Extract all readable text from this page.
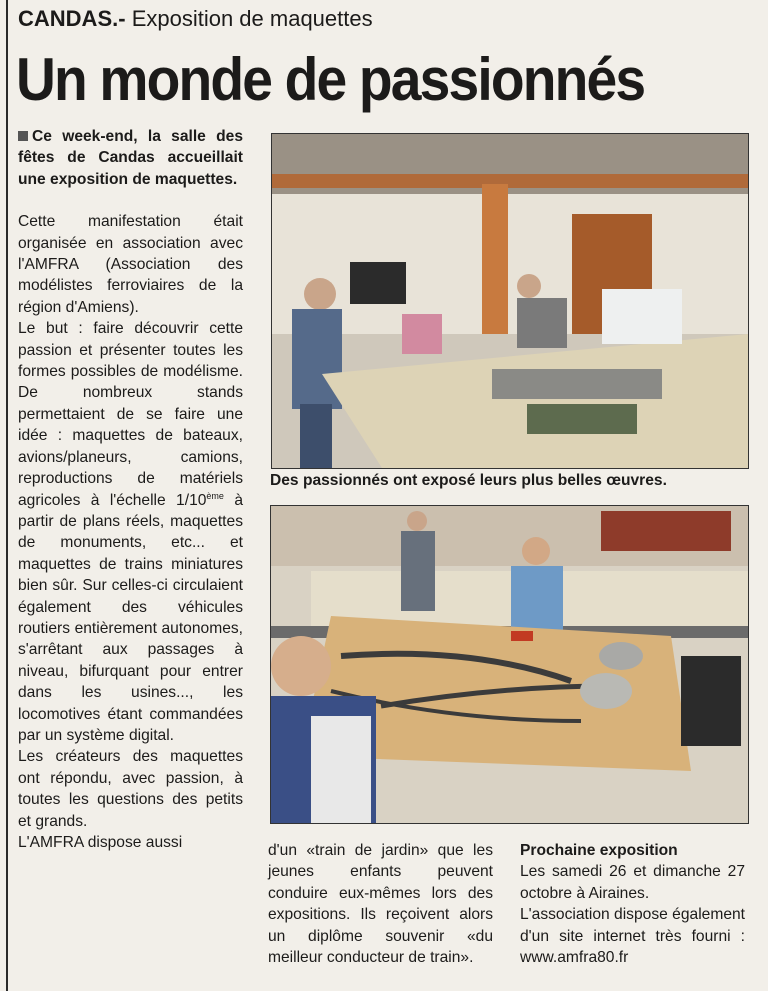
CANDAS.- Exposition de maquettes
Un monde de passionnés

Ce week-end, la salle des fêtes de Candas accueillait une exposition de maquettes.

Cette manifestation était organisée en association avec l'AMFRA (Association des modélistes ferroviaires de la région d'Amiens).

Le but : faire découvrir cette passion et présenter toutes les formes possibles de modélisme. De nombreux stands permettaient de se faire une idée : maquettes de bateaux, avions/planeurs, camions, reproductions de matériels agricoles à l'échelle 1/10ème à partir de plans réels, maquettes de monuments, etc... et maquettes de trains miniatures bien sûr. Sur celles-ci circulaient également des véhicules routiers entièrement autonomes, s'arrêtant aux passages à niveau, bifurquant pour entrer dans les usines..., les locomotives étant commandées par un système digital.

Les créateurs des maquettes ont répondu, avec passion, à toutes les questions des petits et grands.

L'AMFRA dispose aussi

Des passionnés ont exposé leurs plus belles œuvres.

d'un «train de jardin» que les jeunes enfants peuvent conduire eux-mêmes lors des expositions. Ils reçoivent alors un diplôme souvenir «du meilleur conducteur de train».

Prochaine exposition

Les samedi 26 et dimanche 27 octobre à Airaines.

L'association dispose également d'un site internet très fourni : www.amfra80.fr
